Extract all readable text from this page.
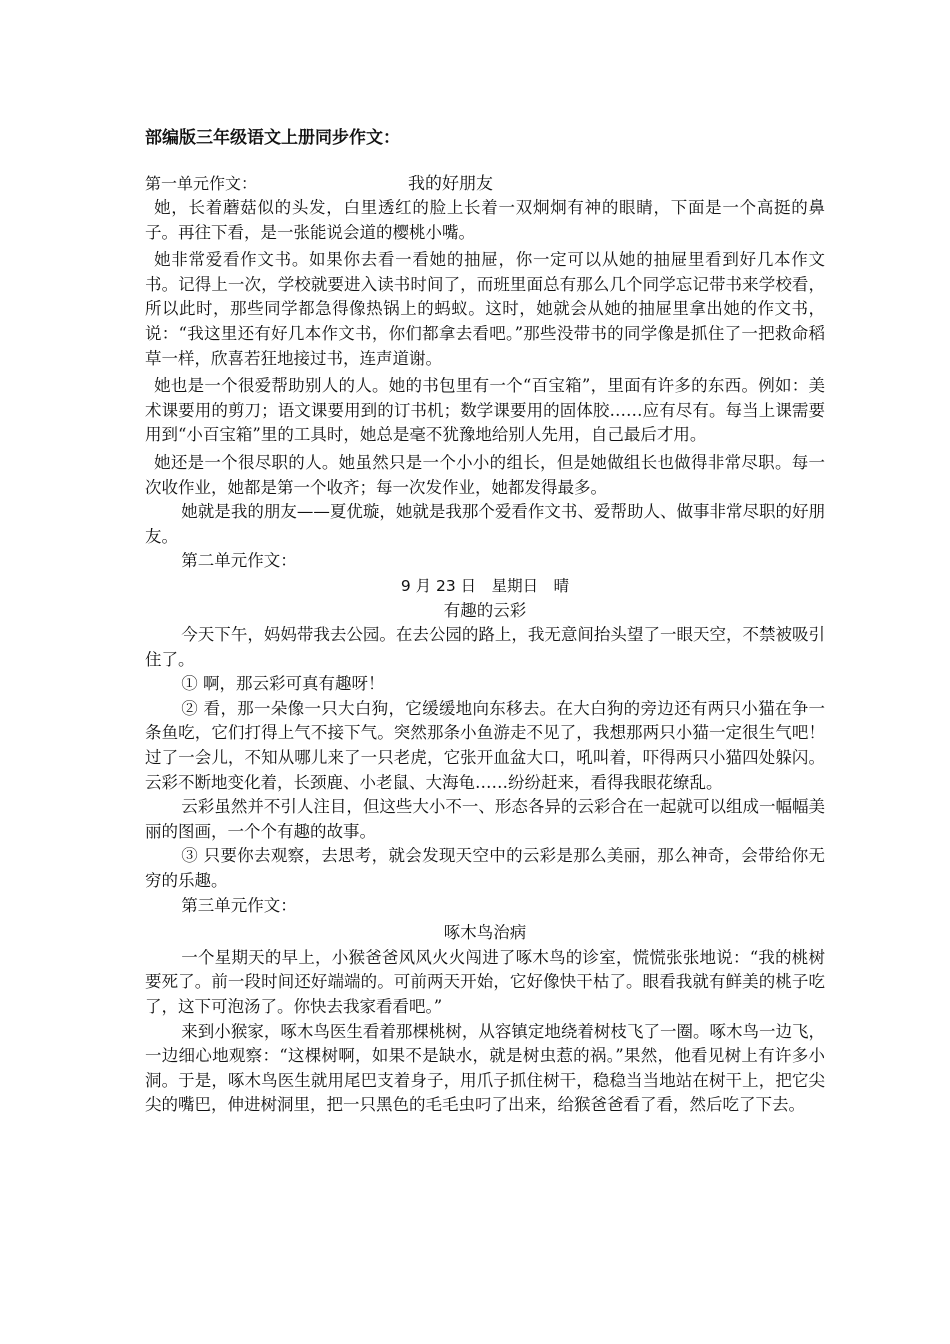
部编版三年级语文上册同步作文：
第一单元作文：	我的好朋友

她，长着蘑菇似的头发，白里透红的脸上长着一双炯炯有神的眼睛，下面是一个高挺的鼻子。再往下看，是一张能说会道的樱桃小嘴。

她非常爱看作文书。如果你去看一看她的抽屉，你一定可以从她的抽屉里看到好几本作文书。记得上一次，学校就要进入读书时间了，而班里面总有那么几个同学忘记带书来学校看，所以此时，那些同学都急得像热锅上的蚂蚁。这时，她就会从她的抽屉里拿出她的作文书，说：“我这里还有好几本作文书，你们都拿去看吧。”那些没带书的同学像是抓住了一把救命稻草一样，欣喜若狂地接过书，连声道谢。

她也是一个很爱帮助别人的人。她的书包里有一个“百宝箱”，里面有许多的东西。例如：美术课要用的剪刀；语文课要用到的订书机；数学课要用的固体胶……应有尽有。每当上课需要用到“小百宝箱”里的工具时，她总是毫不犹豫地给别人先用，自己最后才用。

她还是一个很尽职的人。她虽然只是一个小小的组长，但是她做组长也做得非常尽职。每一次收作业，她都是第一个收齐；每一次发作业，她都发得最多。

她就是我的朋友——夏优璇，她就是我那个爱看作文书、爱帮助人、做事非常尽职的好朋友。

第二单元作文：

9 月 23 日　星期日　晴

有趣的云彩

今天下午，妈妈带我去公园。在去公园的路上，我无意间抬头望了一眼天空，不禁被吸引住了。

① 啊，那云彩可真有趣呀！

② 看，那一朵像一只大白狗，它缓缓地向东移去。在大白狗的旁边还有两只小猫在争一条鱼吃，它们打得上气不接下气。突然那条小鱼游走不见了，我想那两只小猫一定很生气吧！过了一会儿，不知从哪儿来了一只老虎，它张开血盆大口，吼叫着，吓得两只小猫四处躲闪。云彩不断地变化着，长颈鹿、小老鼠、大海龟……纷纷赶来，看得我眼花缭乱。

云彩虽然并不引人注目，但这些大小不一、形态各异的云彩合在一起就可以组成一幅幅美丽的图画，一个个有趣的故事。

③ 只要你去观察，去思考，就会发现天空中的云彩是那么美丽，那么神奇，会带给你无穷的乐趣。

第三单元作文：

啄木鸟治病

一个星期天的早上，小猴爸爸风风火火闯进了啄木鸟的诊室，慌慌张张地说：“我的桃树要死了。前一段时间还好端端的。可前两天开始，它好像快干枯了。眼看我就有鲜美的桃子吃了，这下可泡汤了。你快去我家看看吧。”

来到小猴家，啄木鸟医生看着那棵桃树，从容镇定地绕着树枝飞了一圈。啄木鸟一边飞，一边细心地观察：“这棵树啊，如果不是缺水，就是树虫惹的祸。”果然，他看见树上有许多小洞。于是，啄木鸟医生就用尾巴支着身子，用爪子抓住树干，稳稳当当地站在树干上，把它尖尖的嘴巴，伸进树洞里，把一只黑色的毛毛虫叼了出来，给猴爸爸看了看，然后吃了下去。
